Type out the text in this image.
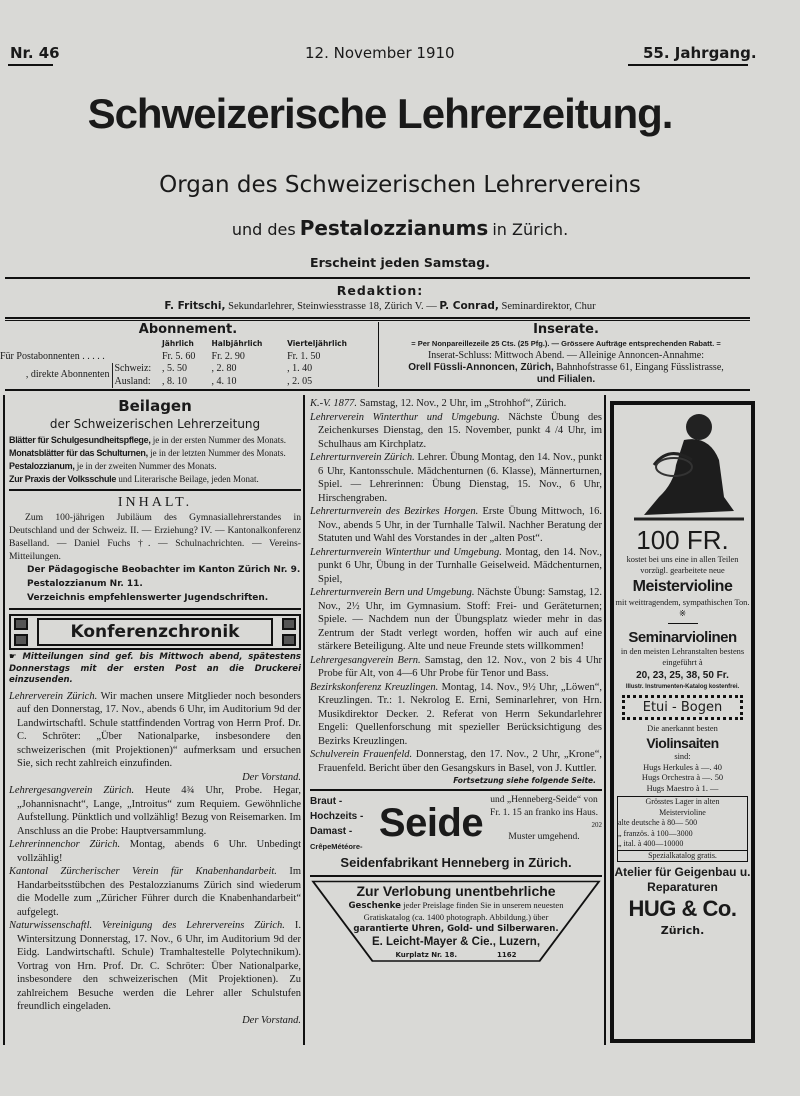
Nr. 46	12. November 1910	55. Jahrgang.
Schweizerische Lehrerzeitung.
Organ des Schweizerischen Lehrervereins
und des Pestalozzianums in Zürich.
Erscheint jeden Samstag.
Redaktion:
F. Fritschi, Sekundarlehrer, Steinwiesstrasse 18, Zürich V. — P. Conrad, Seminardirektor, Chur
Abonnement.
		Jährlich	Halbjährlich	Vierteljährlich
Für Postabonnenten . . . . .		Fr. 5. 60	Fr. 2. 90	Fr. 1. 50
, direkte Abonnenten	Schweiz:	, 5. 50	, 2. 80	, 1. 40
	Ausland:	, 8. 10	, 4. 10	, 2. 05
Inserate.
= Per Nonpareillezeile 25 Cts. (25 Pfg.). — Grössere Aufträge entsprechenden Rabatt. =
Inserat-Schluss: Mittwoch Abend. — Alleinige Annoncen-Annahme:
Orell Füssli-Annoncen, Zürich, Bahnhofstrasse 61, Eingang Füsslistrasse,
und Filialen.
Beilagen
der Schweizerischen Lehrerzeitung
Blätter für Schulgesundheitspflege, je in der ersten Nummer des Monats.
Monatsblätter für das Schulturnen, je in der letzten Nummer des Monats.
Pestalozzianum, je in der zweiten Nummer des Monats.
Zur Praxis der Volksschule und Literarische Beilage, jeden Monat.
INHALT.
Zum 100-jährigen Jubiläum des Gymnasiallehrerstandes in Deutschland und der Schweiz. II. — Erziehung? IV. — Kantonalkonferenz Baselland. — Daniel Fuchs †. — Schulnachrichten. — Vereins-Mitteilungen.
Der Pädagogische Beobachter im Kanton Zürich Nr. 9.
Pestalozzianum Nr. 11.
Verzeichnis empfehlenswerter Jugendschriften.
Konferenzchronik
☛ Mitteilungen sind gef. bis Mittwoch abend, spätestens Donnerstags mit der ersten Post an die Druckerei einzusenden.
Lehrerverein Zürich. Wir machen unsere Mitglieder noch besonders auf den Donnerstag, 17. Nov., abends 6 Uhr, im Auditorium 9d der Landwirtschaftl. Schule stattfindenden Vortrag von Herrn Prof. Dr. C. Schröter: „Über Nationalparke, insbesondere den schweizerischen (mit Projektionen)“ aufmerksam und ersuchen Sie, sich recht zahlreich einzufinden.
Der Vorstand.
Lehrergesangverein Zürich. Heute 4¾ Uhr, Probe. Hegar, „Johannisnacht“, Lange, „Introitus“ zum Requiem. Gewöhnliche Aufstellung. Pünktlich und vollzählig! Bezug von Reisemarken. Im Anschluss an die Probe: Hauptversammlung.
Lehrerinnenchor Zürich. Montag, abends 6 Uhr. Unbedingt vollzählig!
Kantonal Zürcherischer Verein für Knabenhandarbeit. Im Handarbeitsstübchen des Pestalozzianums Zürich sind wiederum die Modelle zum „Züricher Führer durch die Knabenhandarbeit“ aufgelegt.
Naturwissenschaftl. Vereinigung des Lehrervereins Zürich. I. Wintersitzung Donnerstag, 17. Nov., 6 Uhr, im Auditorium 9d der Eidg. Landwirtschaftl. Schule) Tramhaltestelle Polytechnikum). Vortrag von Hrn. Prof. Dr. C. Schröter: Über Nationalparke, insbesondere den schweizerischen (Mit Projektionen). Zu zahlreichem Besuche werden die Lehrer aller Schulstufen freundlich eingeladen.
Der Vorstand.
K.-V. 1877. Samstag, 12. Nov., 2 Uhr, im „Strohhof“, Zürich.
Lehrerverein Winterthur und Umgebung. Nächste Übung des Zeichenkurses Dienstag, den 15. November, punkt 4 /4 Uhr, im Schulhaus am Kirchplatz.
Lehrerturnverein Zürich. Lehrer. Übung Montag, den 14. Nov., punkt 6 Uhr, Kantonsschule. Mädchenturnen (6. Klasse), Männerturnen, Spiel. — Lehrerinnen: Übung Dienstag, 15. Nov., 6 Uhr, Hirschengraben.
Lehrerturnverein des Bezirkes Horgen. Erste Übung Mittwoch, 16. Nov., abends 5 Uhr, in der Turnhalle Talwil. Nachher Beratung der Statuten und Wahl des Vorstandes in der „alten Post“.
Lehrerturnverein Winterthur und Umgebung. Montag, den 14. Nov., punkt 6 Uhr, Übung in der Turnhalle Geiselweid. Mädchenturnen, Spiel,
Lehrerturnverein Bern und Umgebung. Nächste Übung: Samstag, 12. Nov., 2½ Uhr, im Gymnasium. Stoff: Frei- und Geräteturnen; Spiele. — Nachdem nun der Übungsplatz wieder mehr in das Zentrum der Stadt verlegt worden, hoffen wir auch auf eine stärkere Beteiligung. Alte und neue Freunde stets willkommen!
Lehrergesangverein Bern. Samstag, den 12. Nov., von 2 bis 4 Uhr Probe für Alt, von 4—6 Uhr Probe für Tenor und Bass.
Bezirkskonferenz Kreuzlingen. Montag, 14. Nov., 9½ Uhr, „Löwen“, Kreuzlingen. Tr.: 1. Nekrolog E. Erni, Seminarlehrer, von Hrn. Musikdirektor Decker. 2. Referat von Herrn Sekundarlehrer Engeli: Quellenforschung mit spezieller Berücksichtigung des Bezirks Kreuzlingen.
Schulverein Frauenfeld. Donnerstag, den 17. Nov., 2 Uhr, „Krone“, Frauenfeld. Bericht über den Gesangskurs in Basel, von J. Kuttler.
Fortsetzung siehe folgende Seite.
Braut -
Hochzeits -
Damast -
CrêpeMétéore-
Seide
und „Henneberg-Seide“ von Fr. 1. 15 an franko ins Haus.
202
Muster umgehend.
Seidenfabrikant Henneberg in Zürich.
Zur Verlobung unentbehrliche
Geschenke jeder Preislage finden Sie in unserem neuesten Gratiskatalog (ca. 1400 photograph. Abbildung.) über garantierte Uhren, Gold- und Silberwaren.
E. Leicht-Mayer & Cie., Luzern,
Kurplatz Nr. 18.	1162
100 FR.
kostet bei uns eine in allen Teilen vorzügl. gearbeitete neue
Meistervioline
mit weittragendem, sympathischen Ton. ※
Seminarviolinen
in den meisten Lehranstalten bestens eingeführt à
20, 23, 25, 38, 50 Fr.
Illustr. Instrumenten-Katalog kostenfrei.
Etui - Bogen
Die anerkannt besten
Violinsaiten
sind:
Hugs Herkules à —. 40
Hugs Orchestra à —. 50
Hugs Maestro à 1. —
Grösstes Lager in alten
Meistervioline
alte deutsche à 80— 500
„ französ. à 100—3000
„ ital. à 400—10000
Spezialkatalog gratis.
Atelier für Geigenbau u. Reparaturen
HUG & Co.
Zürich.
